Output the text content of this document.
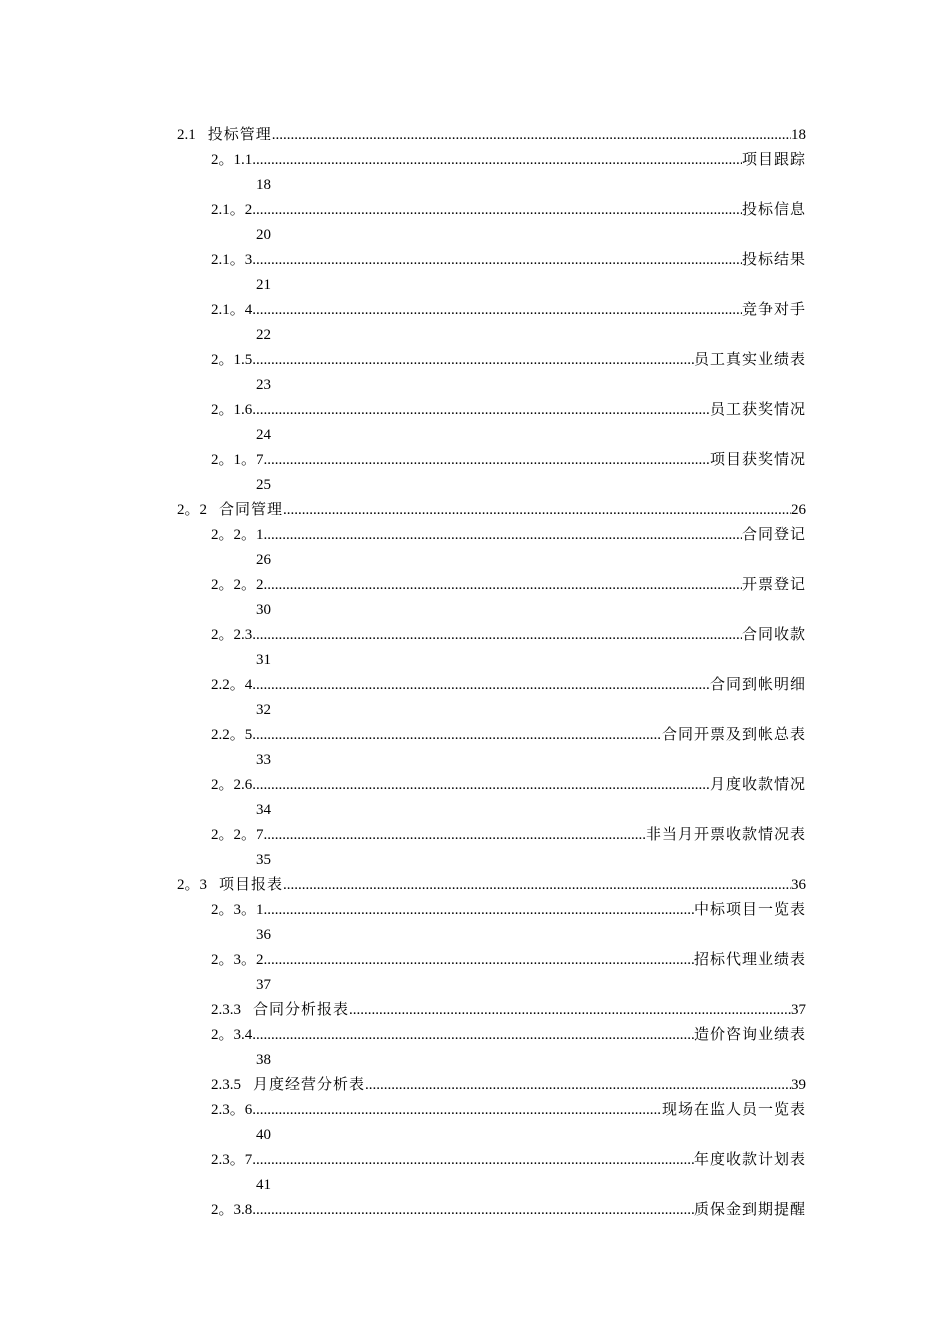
2.1 投标管理 .....	18
2。1.1 .....	项目跟踪
18
2.1。2 .....	投标信息
20
2.1。3 .....	投标结果
21
2.1。4 .....	竞争对手
22
2。1.5 .....	员工真实业绩表
23
2。1.6 .....	员工获奖情况
24
2。1。7 .....	项目获奖情况
25
2。2 合同管理 .....	26
2。2。1 .....	合同登记
26
2。2。2 .....	开票登记
30
2。2.3 .....	合同收款
31
2.2。4 .....	合同到帐明细
32
2.2。5 .....	合同开票及到帐总表
33
2。2.6 .....	月度收款情况
34
2。2。7 .....	非当月开票收款情况表
35
2。3 项目报表 .....	36
2。3。1 .....	中标项目一览表
36
2。3。2 .....	招标代理业绩表
37
2.3.3 合同分析报表 .....	37
2。3.4 .....	造价咨询业绩表
38
2.3.5 月度经营分析表 .....	39
2.3。6 .....	现场在监人员一览表
40
2.3。7 .....	年度收款计划表
41
2。3.8 .....	质保金到期提醒
